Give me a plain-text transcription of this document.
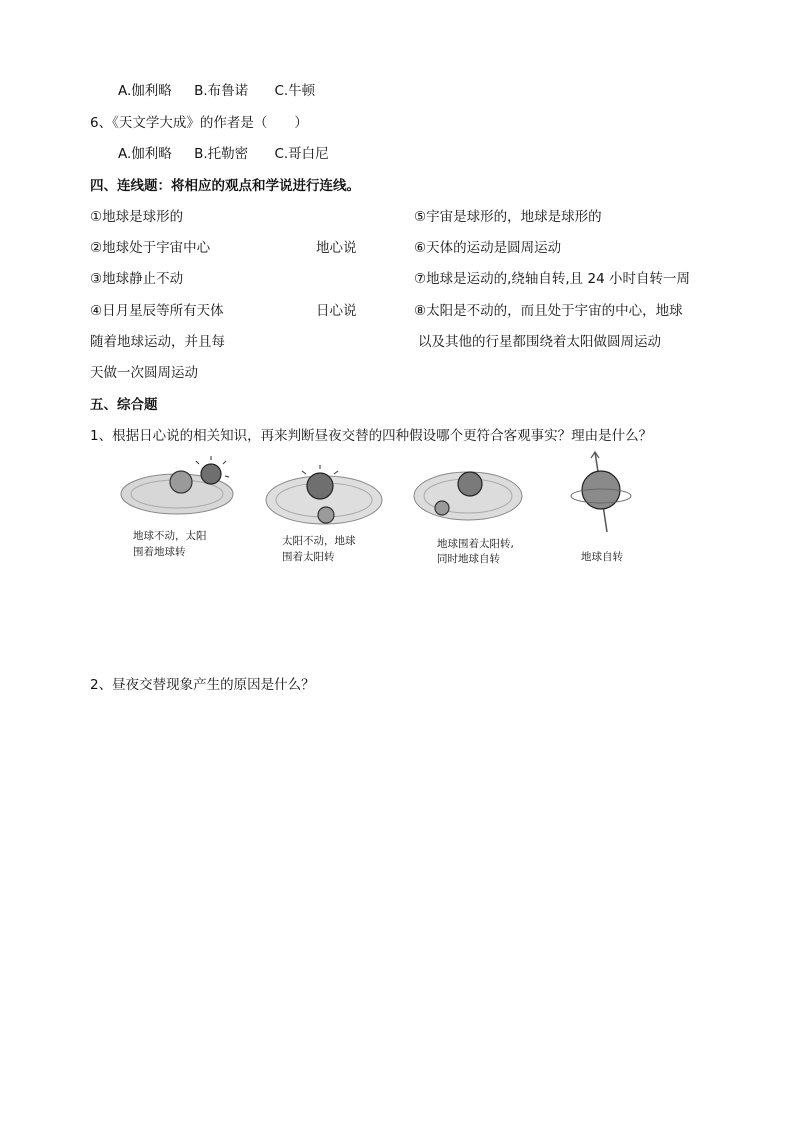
A.伽利略 B.布鲁诺 C.牛顿
6、《天文学大成》的作者是（　　）
A.伽利略 B.托勒密 C.哥白尼
四、连线题：将相应的观点和学说进行连线。
①地球是球形的
②地球处于宇宙中心
③地球静止不动
④日月星辰等所有天体
随着地球运动，并且每
天做一次圆周运动
地心说
日心说
⑤宇宙是球形的，地球是球形的
⑥天体的运动是圆周运动
⑦地球是运动的,绕轴自转,且 24 小时自转一周
⑧太阳是不动的，而且处于宇宙的中心，地球
以及其他的行星都围绕着太阳做圆周运动
五、综合题
1、根据日心说的相关知识，再来判断昼夜交替的四种假设哪个更符合客观事实？理由是什么？
地球不动，太阳
围着地球转
太阳不动，地球
围着太阳转
地球围着太阳转,
同时地球自转	地球自转
2、昼夜交替现象产生的原因是什么？
